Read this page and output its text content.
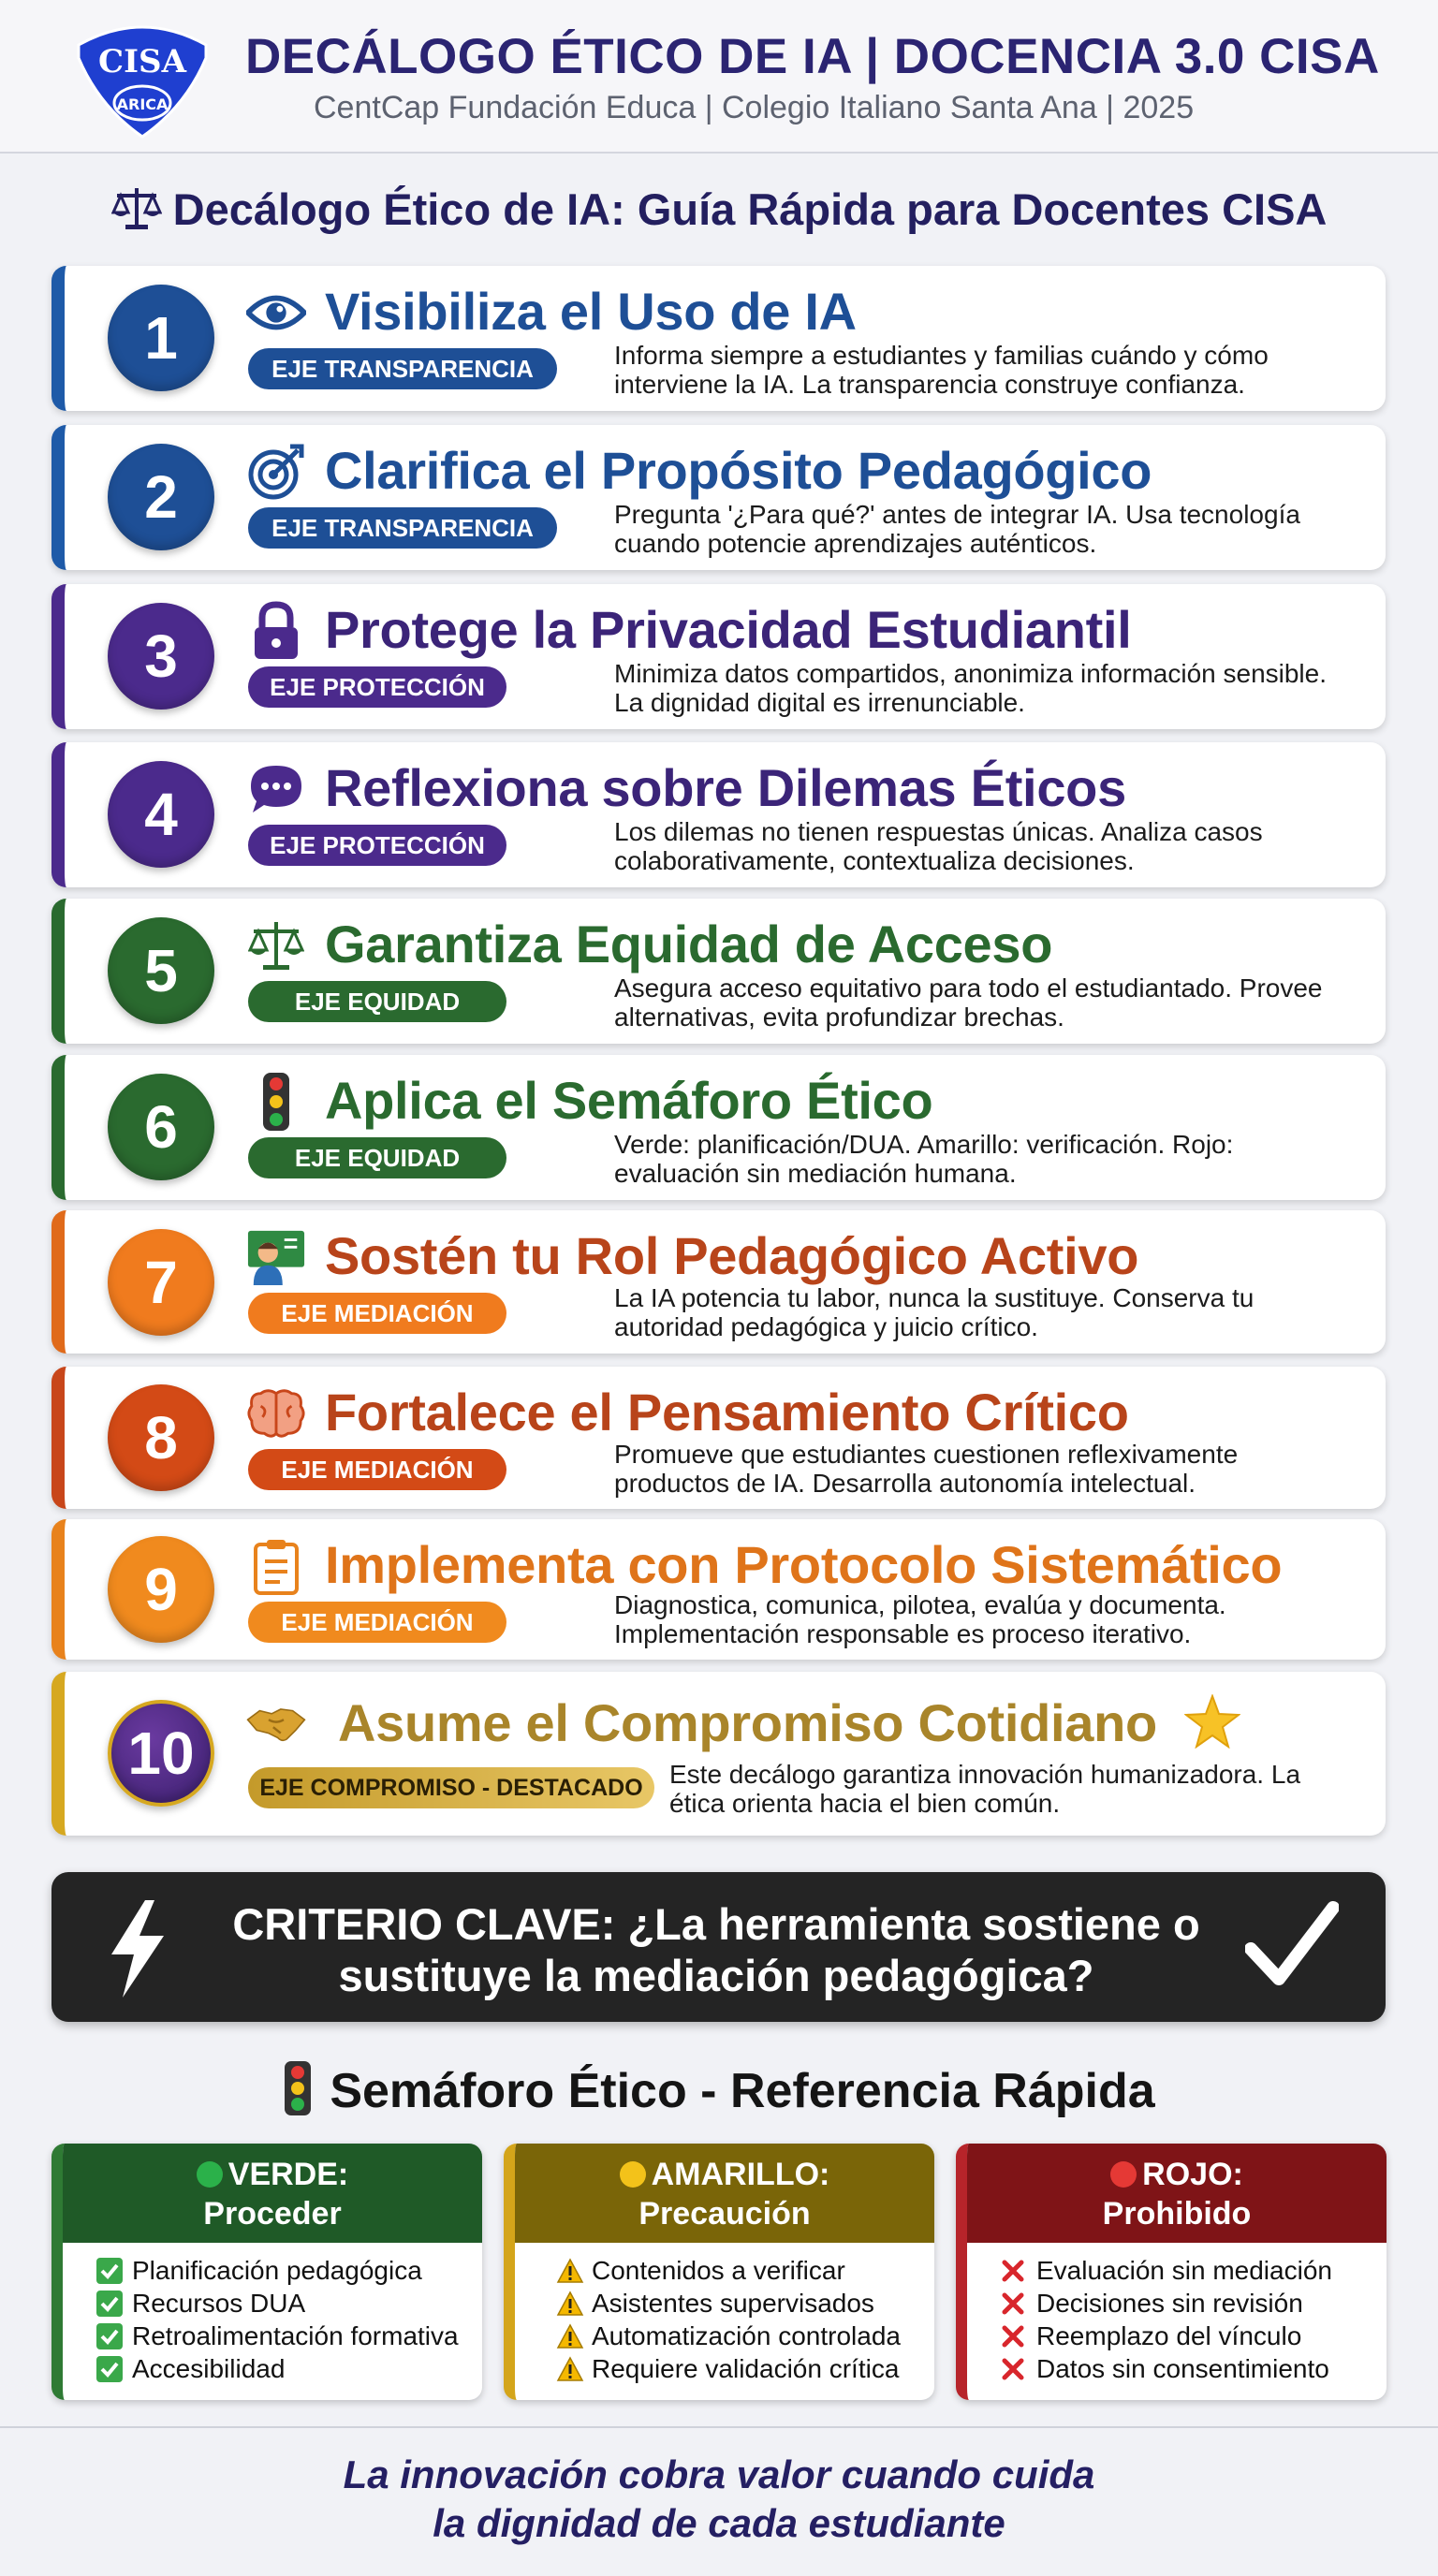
CISA
ARICA
DECÁLOGO ÉTICO DE IA | DOCENCIA 3.0 CISA
CentCap Fundación Educa | Colegio Italiano Santa Ana | 2025
Decálogo Ético de IA: Guía Rápida para Docentes CISA
1	Visibiliza el Uso de IA
EJE TRANSPARENCIA	Informa siempre a estudiantes y familias cuándo y cómo interviene la IA. La transparencia construye confianza.
2	Clarifica el Propósito Pedagógico
EJE TRANSPARENCIA	Pregunta '¿Para qué?' antes de integrar IA. Usa tecnología cuando potencie aprendizajes auténticos.
3	Protege la Privacidad Estudiantil
EJE PROTECCIÓN	Minimiza datos compartidos, anonimiza información sensible. La dignidad digital es irrenunciable.
4	Reflexiona sobre Dilemas Éticos
EJE PROTECCIÓN	Los dilemas no tienen respuestas únicas. Analiza casos colaborativamente, contextualiza decisiones.
5	Garantiza Equidad de Acceso
EJE EQUIDAD	Asegura acceso equitativo para todo el estudiantado. Provee alternativas, evita profundizar brechas.
6	Aplica el Semáforo Ético
EJE EQUIDAD	Verde: planificación/DUA. Amarillo: verificación. Rojo: evaluación sin mediación humana.
7	Sostén tu Rol Pedagógico Activo
EJE MEDIACIÓN
La IA potencia tu labor, nunca la sustituye. Conserva tu autoridad pedagógica y juicio crítico.
8	Fortalece el Pensamiento Crítico
EJE MEDIACIÓN
Promueve que estudiantes cuestionen reflexivamente productos de IA. Desarrolla autonomía intelectual.
9	Implementa con Protocolo Sistemático
EJE MEDIACIÓN
Diagnostica, comunica, pilotea, evalúa y documenta. Implementación responsable es proceso iterativo.
10	Asume el Compromiso Cotidiano
EJE COMPROMISO - DESTACADO	Este decálogo garantiza innovación humanizadora. La ética orienta hacia el bien común.
CRITERIO CLAVE: ¿La herramienta sostiene o sustituye la mediación pedagógica?
Semáforo Ético - Referencia Rápida
VERDE:
Proceder
Planificación pedagógica
Recursos DUA
Retroalimentación formativa
Accesibilidad
AMARILLO:
Precaución
Contenidos a verificar
Asistentes supervisados
Automatización controlada
Requiere validación crítica
ROJO:
Prohibido
Evaluación sin mediación
Decisiones sin revisión
Reemplazo del vínculo
Datos sin consentimiento
La innovación cobra valor cuando cuida
la dignidad de cada estudiante
